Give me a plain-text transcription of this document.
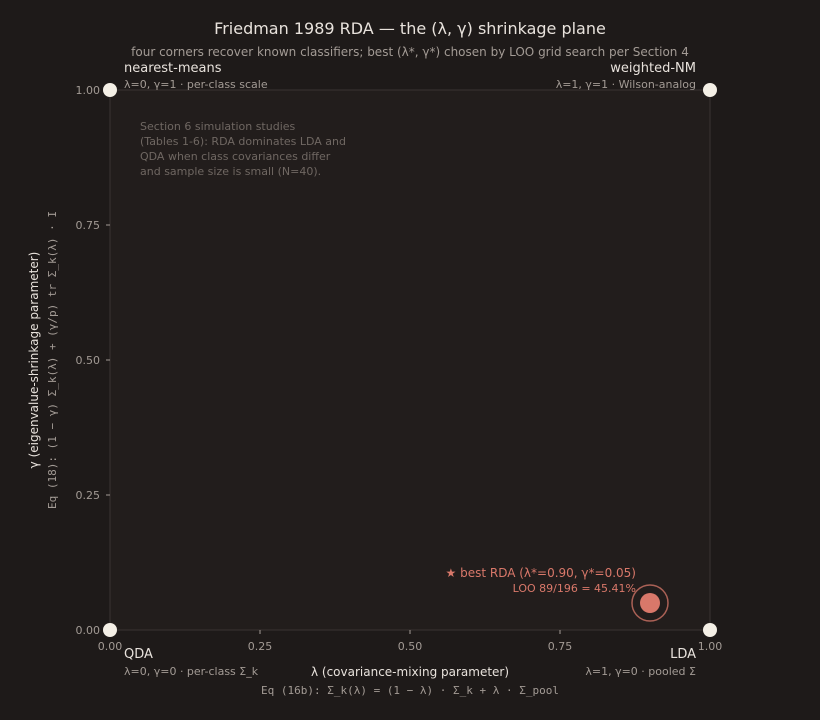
Friedman 1989 RDA — the (λ, γ) shrinkage plane
four corners recover known classifiers; best (λ*, γ*) chosen by LOO grid search per Section 4
Section 6 simulation studies
(Tables 1-6): RDA dominates LDA and
QDA when class covariances differ
and sample size is small (N=40).
0.00	0.25	0.50	0.75	1.00
0.00
0.25
0.50
0.75
1.00
λ (covariance-mixing parameter)
Eq (16b): Σ_k(λ) = (1 − λ) · Σ_k + λ · Σ_pool
γ (eigenvalue-shrinkage parameter) Eq (18): (1 − γ) Σ_k(λ) + (γ/p) tr Σ_k(λ) · I
QDA
λ=0, γ=0 · per-class Σ_k
LDA
λ=1, γ=0 · pooled Σ
nearest-means
λ=0, γ=1 · per-class scale
weighted-NM
λ=1, γ=1 · Wilson-analog
★ best RDA (λ*=0.90, γ*=0.05)
LOO 89/196 = 45.41%
